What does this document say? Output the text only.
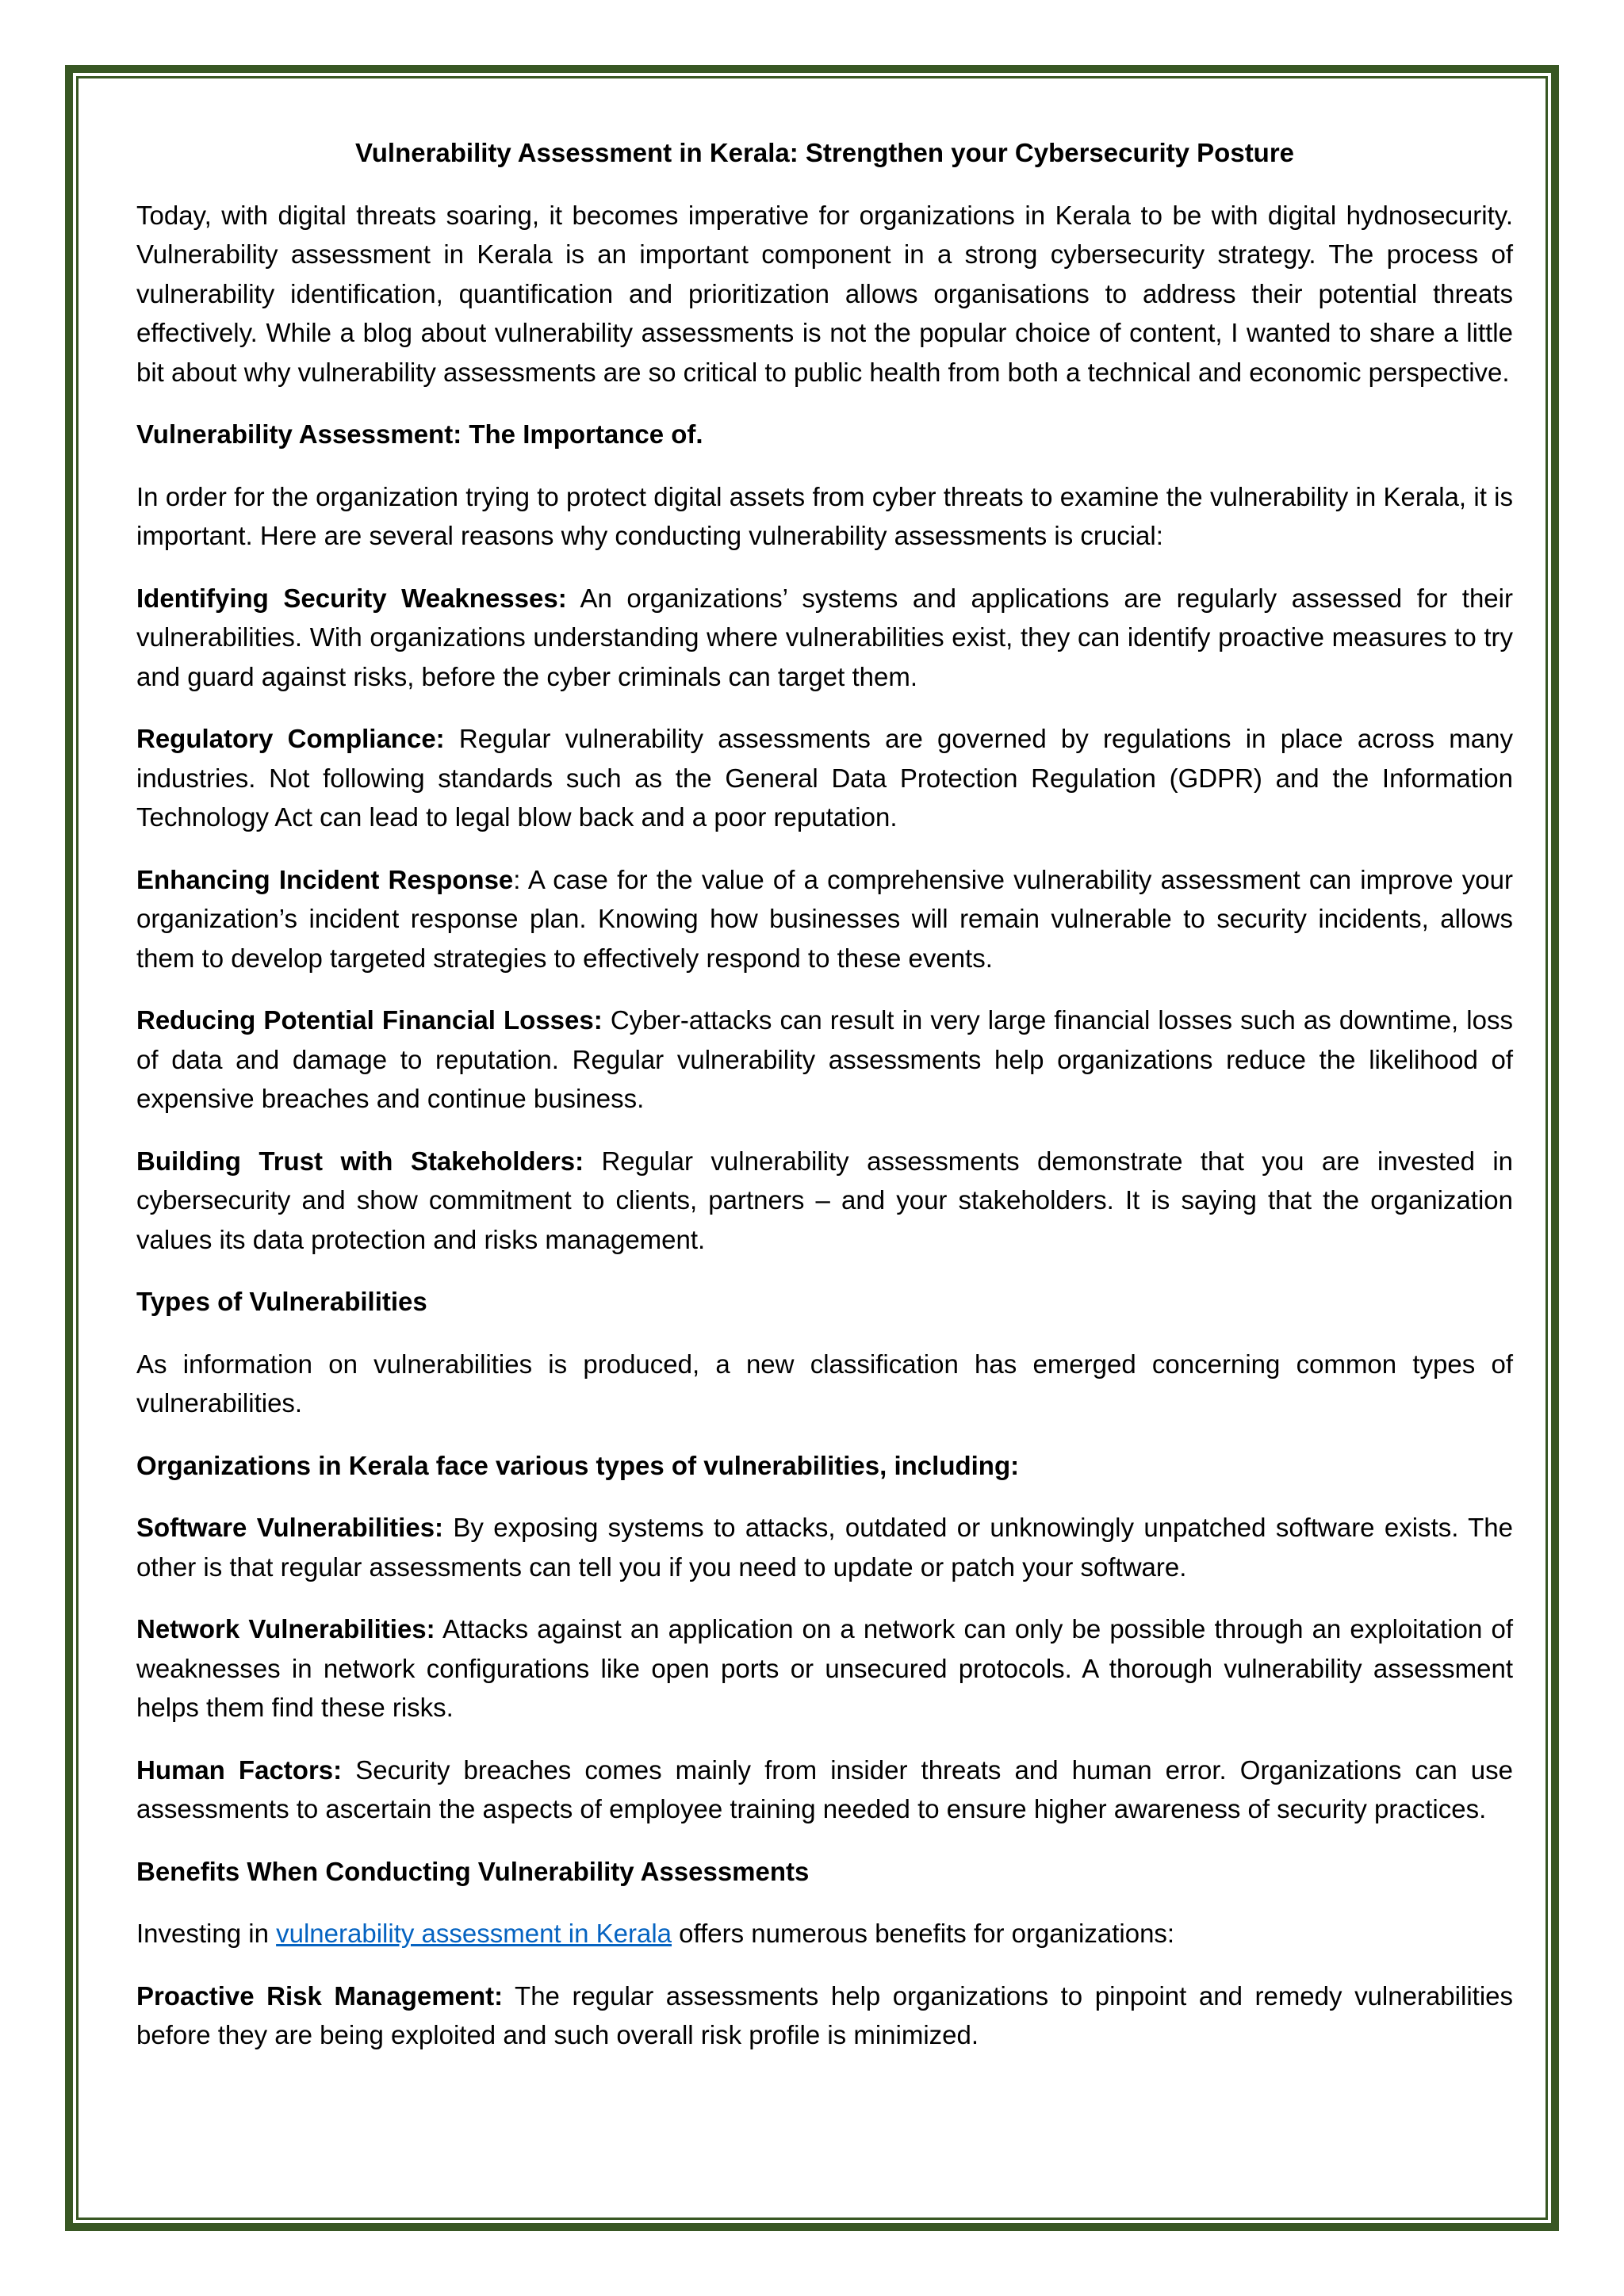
Vulnerability Assessment in Kerala: Strengthen your Cybersecurity Posture

Today, with digital threats soaring, it becomes imperative for organizations in Kerala to be with digital hydnosecurity. Vulnerability assessment in Kerala is an important component in a strong cybersecurity strategy. The process of vulnerability identification, quantification and prioritization allows organisations to address their potential threats effectively. While a blog about vulnerability assessments is not the popular choice of content, I wanted to share a little bit about why vulnerability assessments are so critical to public health from both a technical and economic perspective.

Vulnerability Assessment: The Importance of.

In order for the organization trying to protect digital assets from cyber threats to examine the vulnerability in Kerala, it is important. Here are several reasons why conducting vulnerability assessments is crucial:

Identifying Security Weaknesses: An organizations’ systems and applications are regularly assessed for their vulnerabilities. With organizations understanding where vulnerabilities exist, they can identify proactive measures to try and guard against risks, before the cyber criminals can target them.

Regulatory Compliance: Regular vulnerability assessments are governed by regulations in place across many industries. Not following standards such as the General Data Protection Regulation (GDPR) and the Information Technology Act can lead to legal blow back and a poor reputation.

Enhancing Incident Response: A case for the value of a comprehensive vulnerability assessment can improve your organization’s incident response plan. Knowing how businesses will remain vulnerable to security incidents, allows them to develop targeted strategies to effectively respond to these events.

Reducing Potential Financial Losses: Cyber-attacks can result in very large financial losses such as downtime, loss of data and damage to reputation. Regular vulnerability assessments help organizations reduce the likelihood of expensive breaches and continue business.

Building Trust with Stakeholders: Regular vulnerability assessments demonstrate that you are invested in cybersecurity and show commitment to clients, partners – and your stakeholders. It is saying that the organization values its data protection and risks management.

Types of Vulnerabilities

As information on vulnerabilities is produced, a new classification has emerged concerning common types of vulnerabilities.

Organizations in Kerala face various types of vulnerabilities, including:

Software Vulnerabilities: By exposing systems to attacks, outdated or unknowingly unpatched software exists. The other is that regular assessments can tell you if you need to update or patch your software.

Network Vulnerabilities: Attacks against an application on a network can only be possible through an exploitation of weaknesses in network configurations like open ports or unsecured protocols. A thorough vulnerability assessment helps them find these risks.

Human Factors: Security breaches comes mainly from insider threats and human error. Organizations can use assessments to ascertain the aspects of employee training needed to ensure higher awareness of security practices.

Benefits When Conducting Vulnerability Assessments

Investing in vulnerability assessment in Kerala offers numerous benefits for organizations:

Proactive Risk Management: The regular assessments help organizations to pinpoint and remedy vulnerabilities before they are being exploited and such overall risk profile is minimized.
